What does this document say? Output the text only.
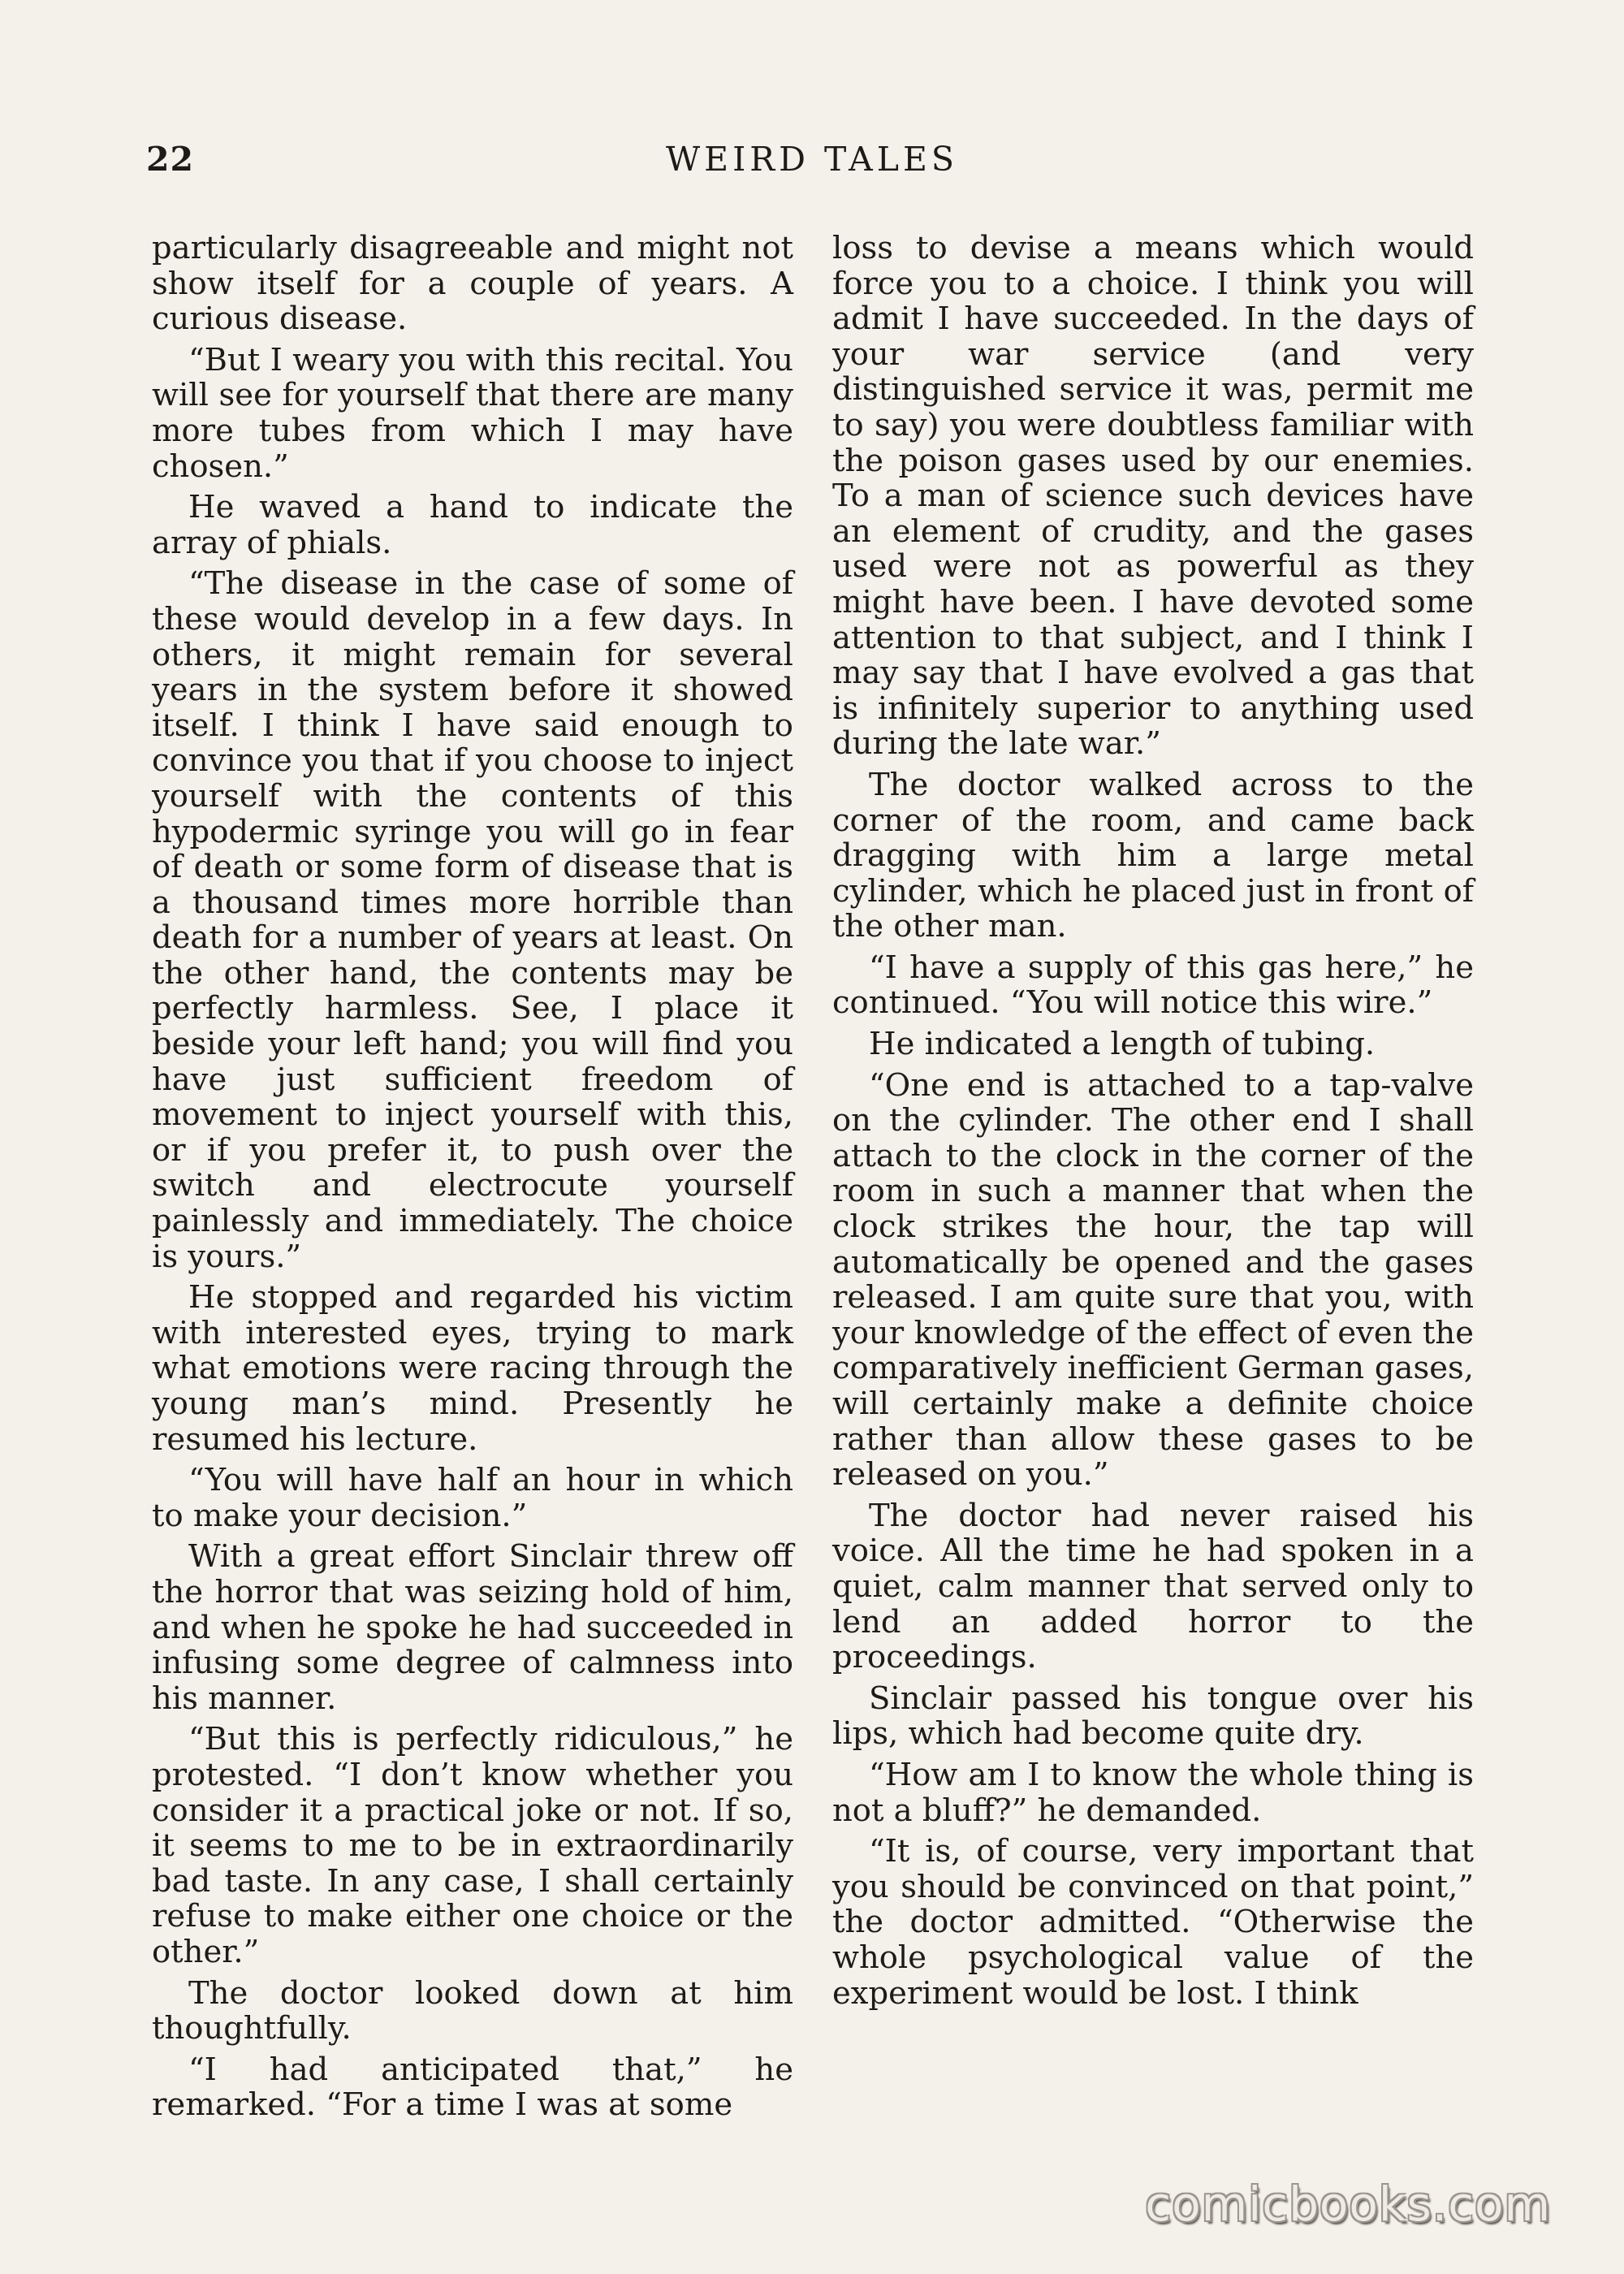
22	WEIRD TALES

particularly disagreeable and might not show itself for a couple of years. A curious disease.

“But I weary you with this recital. You will see for yourself that there are many more tubes from which I may have chosen.”

He waved a hand to indicate the array of phials.

“The disease in the case of some of these would develop in a few days. In others, it might remain for several years in the system before it showed itself. I think I have said enough to convince you that if you choose to inject yourself with the contents of this hypodermic syringe you will go in fear of death or some form of disease that is a thousand times more horrible than death for a number of years at least. On the other hand, the contents may be perfectly harmless. See, I place it beside your left hand; you will find you have just sufficient freedom of movement to inject yourself with this, or if you prefer it, to push over the switch and electrocute yourself painlessly and immediately. The choice is yours.”

He stopped and regarded his victim with interested eyes, trying to mark what emotions were racing through the young man’s mind. Presently he resumed his lecture.

“You will have half an hour in which to make your decision.”

With a great effort Sinclair threw off the horror that was seizing hold of him, and when he spoke he had succeeded in infusing some degree of calmness into his manner.

“But this is perfectly ridiculous,” he protested. “I don’t know whether you consider it a practical joke or not. If so, it seems to me to be in extraordinarily bad taste. In any case, I shall certainly refuse to make either one choice or the other.”

The doctor looked down at him thoughtfully.

“I had anticipated that,” he remarked. “For a time I was at some

loss to devise a means which would force you to a choice. I think you will admit I have succeeded. In the days of your war service (and very distinguished service it was, permit me to say) you were doubtless familiar with the poison gases used by our enemies. To a man of science such devices have an element of crudity, and the gases used were not as powerful as they might have been. I have devoted some attention to that subject, and I think I may say that I have evolved a gas that is infinitely superior to anything used during the late war.”

The doctor walked across to the corner of the room, and came back dragging with him a large metal cylinder, which he placed just in front of the other man.

“I have a supply of this gas here,” he continued. “You will notice this wire.”

He indicated a length of tubing.

“One end is attached to a tap-valve on the cylinder. The other end I shall attach to the clock in the corner of the room in such a manner that when the clock strikes the hour, the tap will automatically be opened and the gases released. I am quite sure that you, with your knowledge of the effect of even the comparatively inefficient German gases, will certainly make a definite choice rather than allow these gases to be released on you.”

The doctor had never raised his voice. All the time he had spoken in a quiet, calm manner that served only to lend an added horror to the proceedings.

Sinclair passed his tongue over his lips, which had become quite dry.

“How am I to know the whole thing is not a bluff?” he demanded.

“It is, of course, very important that you should be convinced on that point,” the doctor admitted. “Otherwise the whole psychological value of the experiment would be lost. I think

comicbooks.com
